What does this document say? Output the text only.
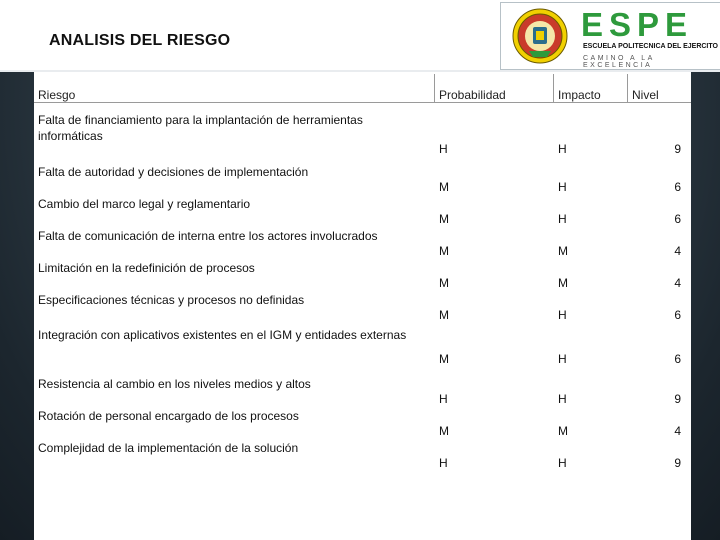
ANALISIS DEL RIESGO	ESPE
ESCUELA POLITECNICA DEL EJERCITO
CAMINO A LA EXCELENCIA
Riesgo	Probabilidad	Impacto	Nivel
Falta de financiamiento para la implantación de herramientas informáticas
H	H	9
Falta de autoridad y decisiones de implementación
M	H	6
Cambio del marco legal y reglamentario
M	H	6
Falta de comunicación de interna entre los actores involucrados
M	M	4
Limitación en la redefinición de procesos
M	M	4
Especificaciones técnicas y procesos no definidas
M	H	6
Integración con aplicativos existentes en el IGM y entidades externas
M	H	6
Resistencia al cambio en los niveles medios y altos
H	H	9
Rotación de personal encargado de los procesos
M	M	4
Complejidad de la implementación de la solución
H	H	9
